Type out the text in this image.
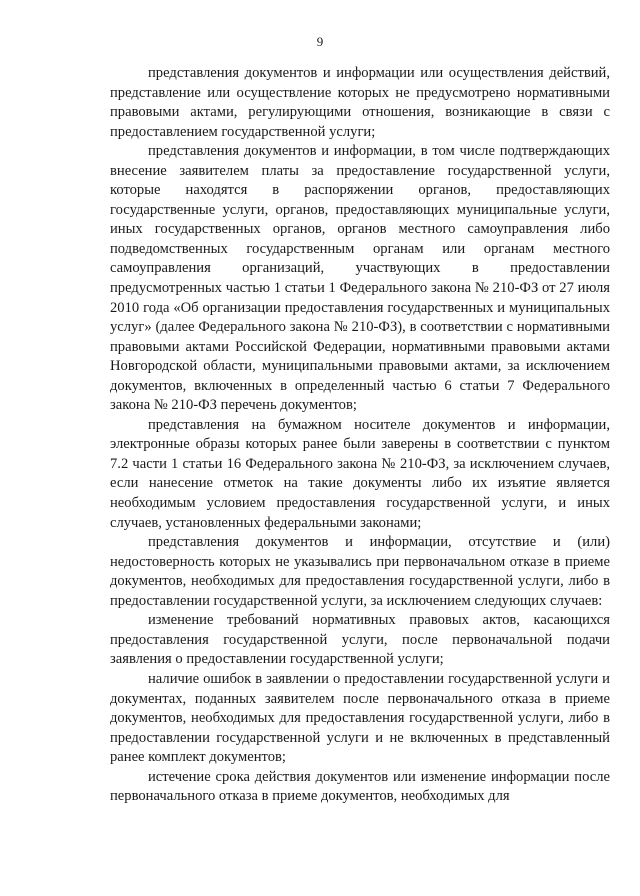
9

представления документов и информации или осуществления действий, представление или осуществление которых не предусмотрено нормативными правовыми актами, регулирующими отношения, возникающие в связи с предоставлением государственной услуги;

представления документов и информации, в том числе подтверждающих внесение заявителем платы за предоставление государственной услуги, которые находятся в распоряжении органов, предоставляющих государственные услуги, органов, предоставляющих муниципальные услуги, иных государственных органов, органов местного самоуправления либо подведомственных государственным органам или органам местного самоуправления организаций, участвующих в предоставлении предусмотренных частью 1 статьи 1 Федерального закона № 210-ФЗ от 27 июля 2010 года «Об организации предоставления государственных и муниципальных услуг» (далее Федерального закона № 210-ФЗ), в соответствии с нормативными правовыми актами Российской Федерации, нормативными правовыми актами Новгородской области, муниципальными правовыми актами, за исключением документов, включенных в определенный частью 6 статьи 7 Федерального закона № 210-ФЗ перечень документов;

представления на бумажном носителе документов и информации, электронные образы которых ранее были заверены в соответствии с пунктом 7.2 части 1 статьи 16 Федерального закона № 210-ФЗ, за исключением случаев, если нанесение отметок на такие документы либо их изъятие является необходимым условием предоставления государственной услуги, и иных случаев, установленных федеральными законами;

представления документов и информации, отсутствие и (или) недостоверность которых не указывались при первоначальном отказе в приеме документов, необходимых для предоставления государственной услуги, либо в предоставлении государственной услуги, за исключением следующих случаев:

изменение требований нормативных правовых актов, касающихся предоставления государственной услуги, после первоначальной подачи заявления о предоставлении государственной услуги;

наличие ошибок в заявлении о предоставлении государственной услуги и документах, поданных заявителем после первоначального отказа в приеме документов, необходимых для предоставления государственной услуги, либо в предоставлении государственной услуги и не включенных в представленный ранее комплект документов;

истечение срока действия документов или изменение информации после первоначального отказа в приеме документов, необходимых для
